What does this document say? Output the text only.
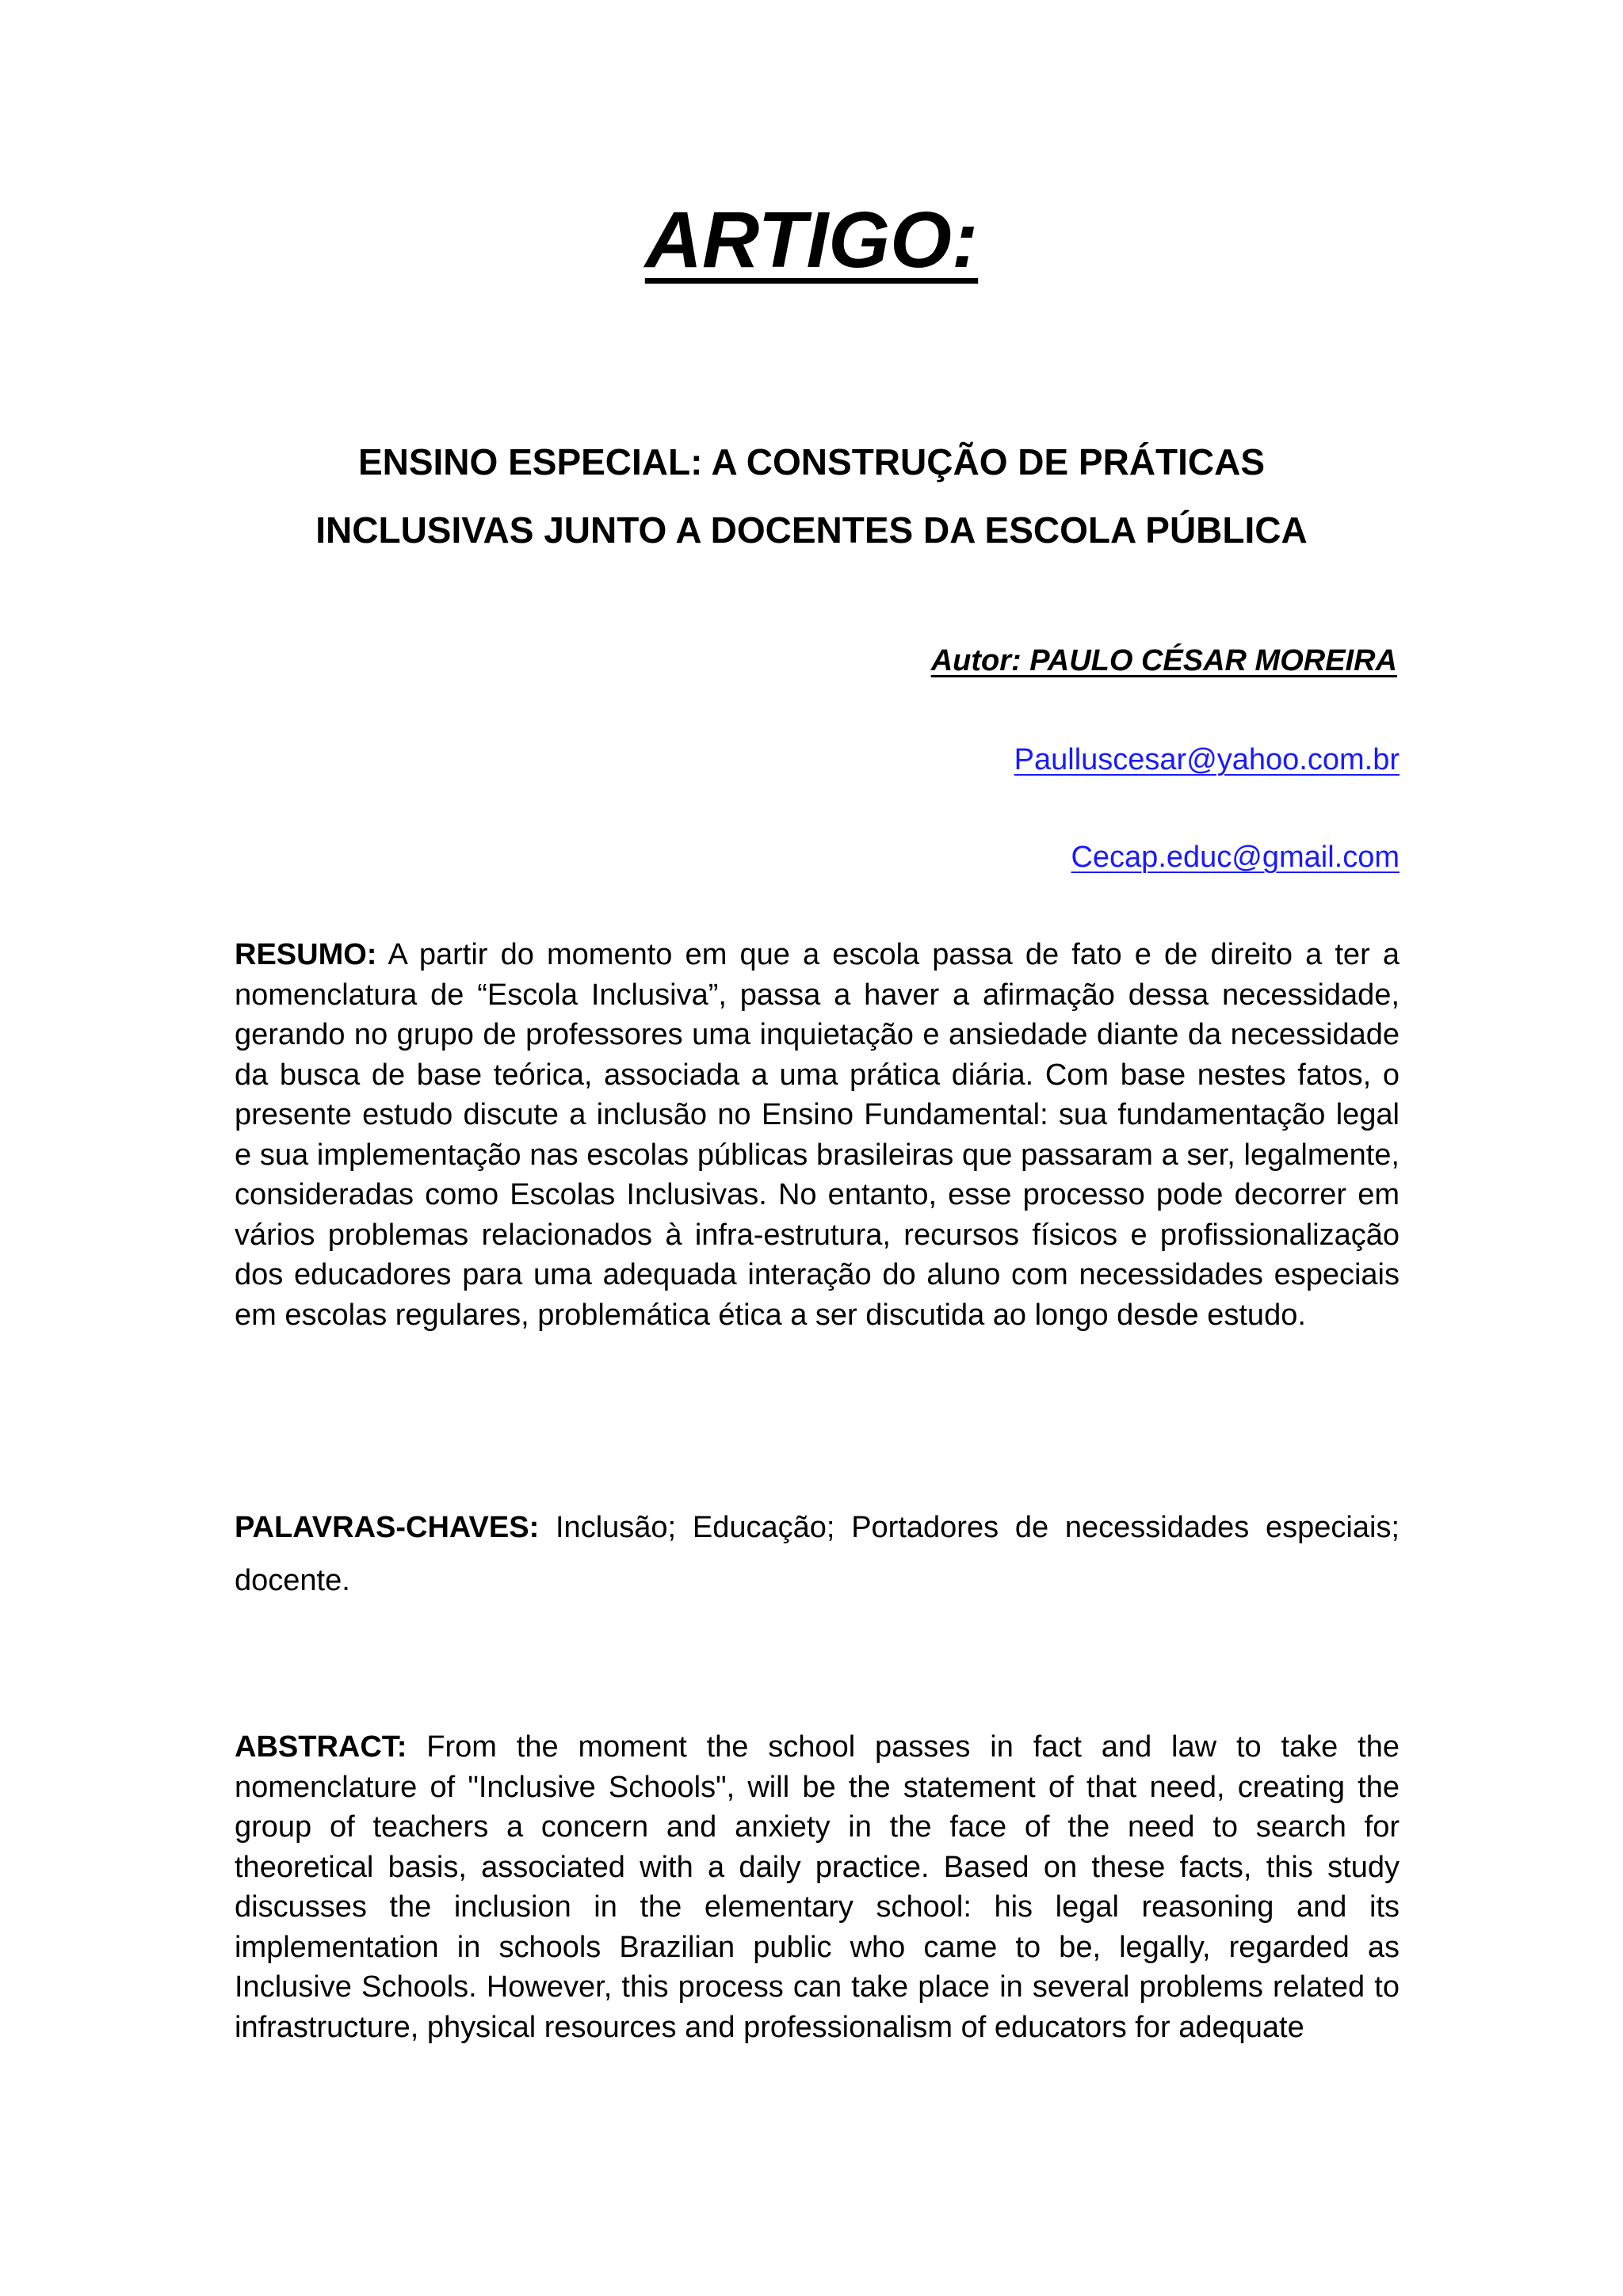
ARTIGO:
ENSINO ESPECIAL: A CONSTRUÇÃO DE PRÁTICAS
INCLUSIVAS JUNTO A DOCENTES DA ESCOLA PÚBLICA
Autor: PAULO CÉSAR MOREIRA
Paulluscesar@yahoo.com.br
Cecap.educ@gmail.com

RESUMO: A partir do momento em que a escola passa de fato e de direito a ter a nomenclatura de “Escola Inclusiva”, passa a haver a afirmação dessa necessidade, gerando no grupo de professores uma inquietação e ansiedade diante da necessidade da busca de base teórica, associada a uma prática diária. Com base nestes fatos, o presente estudo discute a inclusão no Ensino Fundamental: sua fundamentação legal e sua implementação nas escolas públicas brasileiras que passaram a ser, legalmente, consideradas como Escolas Inclusivas. No entanto, esse processo pode decorrer em vários problemas relacionados à infra-estrutura, recursos físicos e profissionalização dos educadores para uma adequada interação do aluno com necessidades especiais em escolas regulares, problemática ética a ser discutida ao longo desde estudo.

PALAVRAS-CHAVES: Inclusão; Educação; Portadores de necessidades especiais; docente.

ABSTRACT: From the moment the school passes in fact and law to take the nomenclature of "Inclusive Schools", will be the statement of that need, creating the group of teachers a concern and anxiety in the face of the need to search for theoretical basis, associated with a daily practice. Based on these facts, this study discusses the inclusion in the elementary school: his legal reasoning and its implementation in schools Brazilian public who came to be, legally, regarded as Inclusive Schools. However, this process can take place in several problems related to infrastructure, physical resources and professionalism of educators for adequate
